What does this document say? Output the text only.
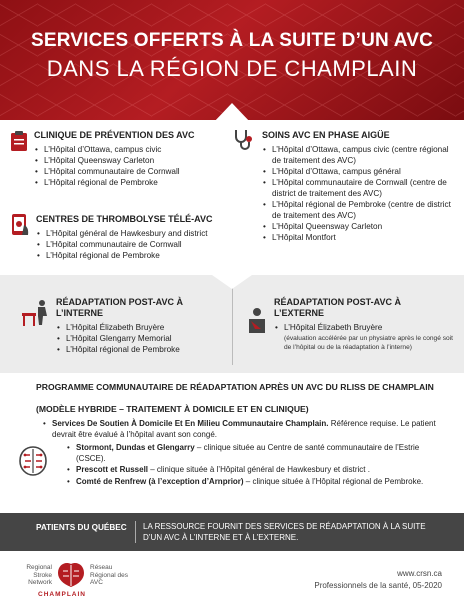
SERVICES OFFERTS À LA SUITE D’UN AVC
DANS LA RÉGION DE CHAMPLAIN
CLINIQUE DE PRÉVENTION DES AVC
• L’Hôpital d’Ottawa, campus civic
• L’Hôpital Queensway Carleton
• L’Hôpital communautaire de Cornwall
• L’Hôpital régional de Pembroke
CENTRES DE THROMBOLYSE TÉLÉ-AVC
• L’Hôpital général de Hawkesbury and district
• L’Hôpital communautaire de Cornwall
• L’Hôpital régional de Pembroke
SOINS AVC EN PHASE AIGÜE
• L’Hôpital d’Ottawa, campus civic (centre régional de traitement des AVC)
• L’Hôpital d’Ottawa, campus général
• L’Hôpital communautaire de Cornwall (centre de district de traitement des AVC)
• L’Hôpital régional de Pembroke (centre de district de traitement des AVC)
• L’Hôpital Queensway Carleton
• L’Hôpital Montfort
RÉADAPTATION POST-AVC À
L’INTERNE
• L’Hôpital Élizabeth Bruyère
• L’Hôpital Glengarry Memorial
• L’Hôpital régional de Pembroke
RÉADAPTATION POST-AVC À
L’EXTERNE
• L’Hôpital Élizabeth Bruyère
(évaluation accélérée par un physiatre après le congé soit de l’hôpital ou de la réadaptation à l’interne)
PROGRAMME COMMUNAUTAIRE DE RÉADAPTATION APRÈS UN AVC DU RLISS DE CHAMPLAIN
(MODÈLE HYBRIDE – TRAITEMENT À DOMICILE ET EN CLINIQUE)
• Services De Soutien À Domicile Et En Milieu Communautaire Champlain. Référence requise. Le patient devrait être évalué à l’hôpital avant son congé.
• Stormont, Dundas et Glengarry – clinique située au Centre de santé communautaire de l’Estrie (CSCE).
• Prescott et Russell – clinique située à l’Hôpital général de Hawkesbury et district .
• Comté de Renfrew (à l’exception d’Arnprior) – clinique située à l’Hôpital régional de Pembroke.
PATIENTS DU QUÉBEC LA RESSOURCE FOURNIT DES SERVICES DE RÉADAPTATION À LA SUITE D’UN AVC À L’INTERNE ET À L’EXTERNE.
Regional Stroke Network
Réseau Régional des AVC
CHAMPLAIN
www.crsn.ca
Professionnels de la santé, 05-2020
